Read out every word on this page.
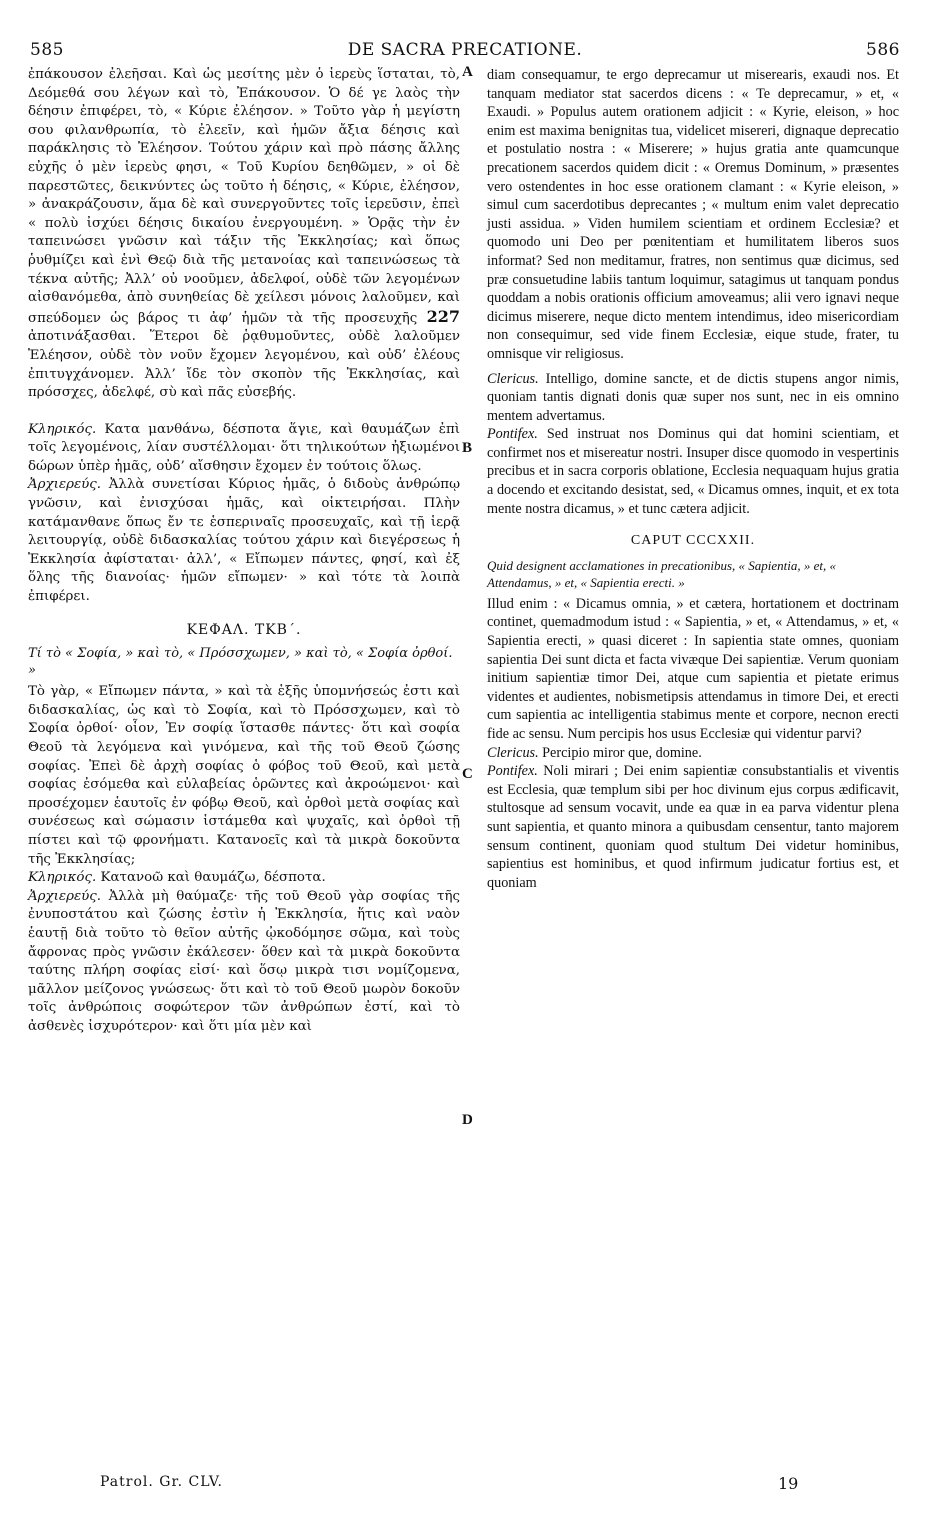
585	DE SACRA PRECATIONE.	586
A
B
C
D

ἐπάκουσον ἐλεῆσαι. Καὶ ὡς μεσίτης μὲν ὁ ἱερεὺς ἵσταται, τὸ, Δεόμεθά σου λέγων καὶ τὸ, Ἐπάκουσον. Ὁ δέ γε λαὸς τὴν δέησιν ἐπιφέρει, τὸ, « Κύριε ἐλέησον. » Τοῦτο γὰρ ἡ μεγίστη σου φιλανθρωπία, τὸ ἐλεεῖν, καὶ ἡμῶν ἄξια δέησις καὶ παράκλησις τὸ Ἐλέησον. Τούτου χάριν καὶ πρὸ πάσης ἄλλης εὐχῆς ὁ μὲν ἱερεὺς φησι, « Τοῦ Κυρίου δεηθῶμεν, » οἱ δὲ παρεστῶτες, δεικνύντες ὡς τοῦτο ἡ δέησις, « Κύριε, ἐλέησον, » ἀνακράζουσιν, ἅμα δὲ καὶ συνεργοῦντες τοῖς ἱερεῦσιν, ἐπεὶ « πολὺ ἰσχύει δέησις δικαίου ἐνεργουμένη. » Ὁρᾷς τὴν ἐν ταπεινώσει γνῶσιν καὶ τάξιν τῆς Ἐκκλησίας; καὶ ὅπως ῥυθμίζει καὶ ἑνὶ Θεῷ διὰ τῆς μετανοίας καὶ ταπεινώσεως τὰ τέκνα αὐτῆς; Ἀλλ’ οὐ νοοῦμεν, ἀδελφοί, οὐδὲ τῶν λεγομένων αἰσθανόμεθα, ἀπὸ συνηθείας δὲ χείλεσι μόνοις λαλοῦμεν, καὶ σπεύδομεν ὡς βάρος τι ἀφ’ ἡμῶν τὰ τῆς προσευχῆς 227 ἀποτινάξασθαι. Ἕτεροι δὲ ῥᾳθυμοῦντες, οὐδὲ λαλοῦμεν Ἐλέησον, οὐδὲ τὸν νοῦν ἔχομεν λεγομένου, καὶ οὐδ’ ἐλέους ἐπιτυγχάνομεν. Ἀλλ’ ἴδε τὸν σκοπὸν τῆς Ἐκκλησίας, καὶ πρόσσχες, ἀδελφέ, σὺ καὶ πᾶς εὐσεβής.

Κληρικός. Κατα μανθάνω, δέσποτα ἅγιε, καὶ θαυμάζων ἐπὶ τοῖς λεγομένοις, λίαν συστέλλομαι· ὅτι τηλικούτων ἠξιωμένοι δώρων ὑπὲρ ἡμᾶς, οὐδ’ αἴσθησιν ἔχομεν ἐν τούτοις ὅλως.

Ἀρχιερεύς. Ἀλλὰ συνετίσαι Κύριος ἡμᾶς, ὁ διδοὺς ἀνθρώπῳ γνῶσιν, καὶ ἐνισχύσαι ἡμᾶς, καὶ οἰκτειρήσαι. Πλὴν κατάμανθανε ὅπως ἔν τε ἑσπεριναῖς προσευχαῖς, καὶ τῇ ἱερᾷ λειτουργίᾳ, οὐδὲ διδασκαλίας τούτου χάριν καὶ διεγέρσεως ἡ Ἐκκλησία ἀφίσταται· ἀλλ’, « Εἴπωμεν πάντες, φησί, καὶ ἐξ ὅλης τῆς διανοίας· ἡμῶν εἴπωμεν· » καὶ τότε τὰ λοιπὰ ἐπιφέρει.

ΚΕΦΑΛ. ΤΚΒ΄.
Τί τὸ « Σοφία, » καὶ τὸ, « Πρόσσχωμεν, » καὶ τὸ, « Σοφία ὀρθοί. »

Τὸ γὰρ, « Εἴπωμεν πάντα, » καὶ τὰ ἑξῆς ὑπομνήσεώς ἐστι καὶ διδασκαλίας, ὡς καὶ τὸ Σοφία, καὶ τὸ Πρόσσχωμεν, καὶ τὸ Σοφία ὀρθοί· οἷον, Ἐν σοφίᾳ ἵστασθε πάντες· ὅτι καὶ σοφία Θεοῦ τὰ λεγόμενα καὶ γινόμενα, καὶ τῆς τοῦ Θεοῦ ζώσης σοφίας. Ἐπεὶ δὲ ἀρχὴ σοφίας ὁ φόβος τοῦ Θεοῦ, καὶ μετὰ σοφίας ἐσόμεθα καὶ εὐλαβείας ὁρῶντες καὶ ἀκροώμενοι· καὶ προσέχομεν ἑαυτοῖς ἐν φόβῳ Θεοῦ, καὶ ὀρθοὶ μετὰ σοφίας καὶ συνέσεως καὶ σώμασιν ἱστάμεθα καὶ ψυχαῖς, καὶ ὀρθοὶ τῇ πίστει καὶ τῷ φρονήματι. Κατανοεῖς καὶ τὰ μικρὰ δοκοῦντα τῆς Ἐκκλησίας;

Κληρικός. Κατανοῶ καὶ θαυμάζω, δέσποτα.

Ἀρχιερεύς. Ἀλλὰ μὴ θαύμαζε· τῆς τοῦ Θεοῦ γὰρ σοφίας τῆς ἐνυποστάτου καὶ ζώσης ἐστὶν ἡ Ἐκκλησία, ἥτις καὶ ναὸν ἑαυτῇ διὰ τοῦτο τὸ θεῖον αὐτῆς ᾠκοδόμησε σῶμα, καὶ τοὺς ἄφρονας πρὸς γνῶσιν ἐκάλεσεν· ὅθεν καὶ τὰ μικρὰ δοκοῦντα ταύτης πλήρη σοφίας εἰσί· καὶ ὅσῳ μικρὰ τισι νομίζομενα, μᾶλλον μείζονος γνώσεως· ὅτι καὶ τὸ τοῦ Θεοῦ μωρὸν δοκοῦν τοῖς ἀνθρώποις σοφώτερον τῶν ἀνθρώπων ἐστί, καὶ τὸ ἀσθενὲς ἰσχυρότερον· καὶ ὅτι μία μὲν καὶ

diam consequamur, te ergo deprecamur ut miserearis, exaudi nos. Et tanquam mediator stat sacerdos dicens : « Te deprecamur, » et, « Exaudi. » Populus autem orationem adjicit : « Kyrie, eleison, » hoc enim est maxima benignitas tua, videlicet misereri, dignaque deprecatio et postulatio nostra : « Miserere; » hujus gratia ante quamcunque precationem sacerdos quidem dicit : « Oremus Dominum, » præsentes vero ostendentes in hoc esse orationem clamant : « Kyrie eleison, » simul cum sacerdotibus deprecantes ; « multum enim valet deprecatio justi assidua. » Viden humilem scientiam et ordinem Ecclesiæ? et quomodo uni Deo per pœnitentiam et humilitatem liberos suos informat? Sed non meditamur, fratres, non sentimus quæ dicimus, sed præ consuetudine labiis tantum loquimur, satagimus ut tanquam pondus quoddam a nobis orationis officium amoveamus; alii vero ignavi neque dicimus miserere, neque dicto mentem intendimus, ideo misericordiam non consequimur, sed vide finem Ecclesiæ, eique stude, frater, tu omnisque vir religiosus.

Clericus. Intelligo, domine sancte, et de dictis stupens angor nimis, quoniam tantis dignati donis quæ super nos sunt, nec in eis omnino mentem advertamus.

Pontifex. Sed instruat nos Dominus qui dat homini scientiam, et confirmet nos et misereatur nostri. Insuper disce quomodo in vespertinis precibus et in sacra corporis oblatione, Ecclesia nequaquam hujus gratia a docendo et excitando desistat, sed, « Dicamus omnes, inquit, et ex tota mente nostra dicamus, » et tunc cætera adjicit.

CAPUT CCCXXII.
Quid designent acclamationes in precationibus, « Sapientia, » et, « Attendamus, » et, « Sapientia erecti. »

Illud enim : « Dicamus omnia, » et cætera, hortationem et doctrinam continet, quemadmodum istud : « Sapientia, » et, « Attendamus, » et, « Sapientia erecti, » quasi diceret : In sapientia state omnes, quoniam sapientia Dei sunt dicta et facta vivæque Dei sapientiæ. Verum quoniam initium sapientiæ timor Dei, atque cum sapientia et pietate erimus videntes et audientes, nobismetipsis attendamus in timore Dei, et erecti cum sapientia ac intelligentia stabimus mente et corpore, necnon erecti fide ac sensu. Num percipis hos usus Ecclesiæ qui videntur parvi?

Clericus. Percipio miror que, domine.

Pontifex. Noli mirari ; Dei enim sapientiæ consubstantialis et viventis est Ecclesia, quæ templum sibi per hoc divinum ejus corpus ædificavit, stultosque ad sensum vocavit, unde ea quæ in ea parva videntur plena sunt sapientia, et quanto minora a quibusdam censentur, tanto majorem sensum continent, quoniam quod stultum Dei videtur hominibus, sapientius est hominibus, et quod infirmum judicatur fortius est, et quoniam

Patrol. Gr. CLV.	19
